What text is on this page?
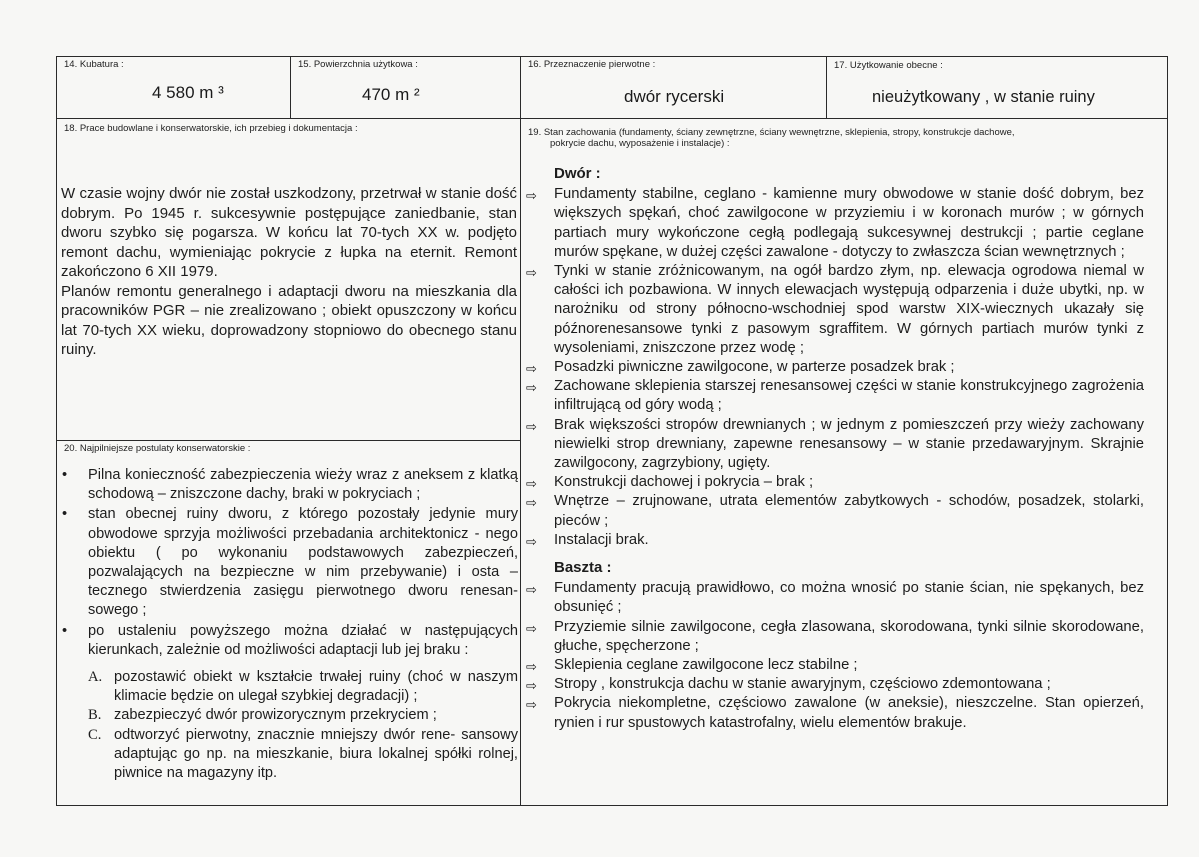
14. Kubatura :
4 580 m ³
15. Powierzchnia użytkowa :
470 m ²
16. Przeznaczenie pierwotne :
dwór rycerski
17. Użytkowanie obecne :
nieużytkowany , w stanie ruiny
18. Prace budowlane i konserwatorskie, ich przebieg i dokumentacja :

W czasie wojny dwór nie został uszkodzony, przetrwał w stanie dość dobrym. Po 1945 r. sukcesywnie postępujące zaniedbanie, stan dworu szybko się pogarsza. W końcu lat 70-tych XX w. podjęto remont dachu, wymieniając pokrycie z łupka na eternit. Remont zakończono 6 XII 1979.

Planów remontu generalnego i adaptacji dworu na mieszkania dla pracowników PGR – nie zrealizowano ; obiekt opuszczony w końcu lat 70-tych XX wieku, doprowadzony stopniowo do obecnego stanu ruiny.

20. Najpilniejsze postulaty konserwatorskie :
• Pilna konieczność zabezpieczenia wieży wraz z aneksem z klatką schodową – zniszczone dachy, braki w pokryciach ;
• stan obecnej ruiny dworu, z którego pozostały jedynie mury obwodowe sprzyja możliwości przebadania architektonicz - nego obiektu ( po wykonaniu podstawowych zabezpieczeń, pozwalających na bezpieczne w nim przebywanie) i osta – tecznego stwierdzenia zasięgu pierwotnego dworu renesan- sowego ;
• po ustaleniu powyższego można działać w następujących kierunkach, zależnie od możliwości adaptacji lub jej braku :
A. pozostawić obiekt w kształcie trwałej ruiny (choć w naszym klimacie będzie on ulegał szybkiej degradacji) ;
B. zabezpieczyć dwór prowizorycznym przekryciem ;
C. odtworzyć pierwotny, znacznie mniejszy dwór rene- sansowy adaptując go np. na mieszkanie, biura lokalnej spółki rolnej, piwnice na magazyny itp.
19. Stan zachowania (fundamenty, ściany zewnętrzne, ściany wewnętrzne, sklepienia, stropy, konstrukcje dachowe,
pokrycie dachu, wyposażenie i instalacje) :
Dwór :
⇨ Fundamenty stabilne, ceglano - kamienne mury obwodowe w stanie dość dobrym, bez większych spękań, choć zawilgocone w przyziemiu i w koronach murów ; w górnych partiach mury wykończone cegłą podlegają sukcesywnej destrukcji ; partie ceglane murów spękane, w dużej części zawalone - dotyczy to zwłaszcza ścian wewnętrznych ;
⇨ Tynki w stanie zróżnicowanym, na ogół bardzo złym, np. elewacja ogrodowa niemal w całości ich pozbawiona. W innych elewacjach występują odparzenia i duże ubytki, np. w narożniku od strony północno-wschodniej spod warstw XIX-wiecznych ukazały się późnorenesansowe tynki z pasowym sgraffitem. W górnych partiach murów tynki z wysoleniami, zniszczone przez wodę ;
⇨ Posadzki piwniczne zawilgocone, w parterze posadzek brak ;
⇨ Zachowane sklepienia starszej renesansowej części w stanie konstrukcyjnego zagrożenia infiltrującą od góry wodą ;
⇨ Brak większości stropów drewnianych ; w jednym z pomieszczeń przy wieży zachowany niewielki strop drewniany, zapewne renesansowy – w stanie przedawaryjnym. Skrajnie zawilgocony, zagrzybiony, ugięty.
⇨ Konstrukcji dachowej i pokrycia – brak ;
⇨ Wnętrze – zrujnowane, utrata elementów zabytkowych - schodów, posadzek, stolarki, pieców ;
⇨ Instalacji brak.
Baszta :
⇨ Fundamenty pracują prawidłowo, co można wnosić po stanie ścian, nie spękanych, bez obsunięć ;
⇨ Przyziemie silnie zawilgocone, cegła zlasowana, skorodowana, tynki silnie skorodowane, głuche, spęcherzone ;
⇨ Sklepienia ceglane zawilgocone lecz stabilne ;
⇨ Stropy , konstrukcja dachu w stanie awaryjnym, częściowo zdemontowana ;
⇨ Pokrycia niekompletne, częściowo zawalone (w aneksie), nieszczelne. Stan opierzeń, rynien i rur spustowych katastrofalny, wielu elementów brakuje.
